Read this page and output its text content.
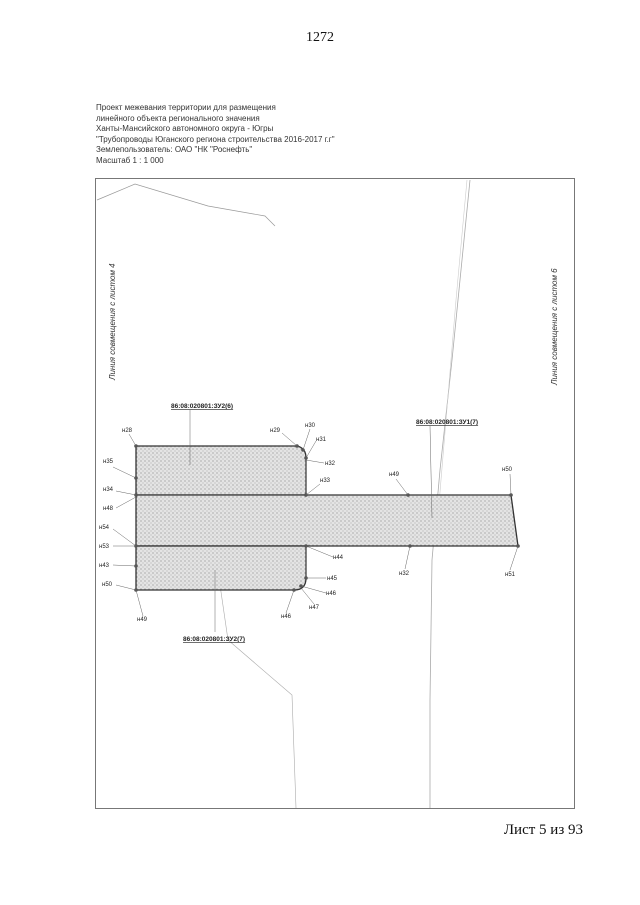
1272
Проект межевания территории для размещения
линейного объекта регионального значения
Ханты-Мансийского автономного округа - Югры
"Трубопроводы Юганского региона строительства 2016-2017 г.г"
Землепользователь: ОАО "НК "Роснефть"
Масштаб 1 : 1 000
н28	н29
н30
н31
н32
н33
н35
н34
н48
н49
н50
н54
н53
н44
н43
н32	н51
н45
н50
н46
н47
н46
н49
86:08:020801:ЗУ2(6)
86:08:020801:ЗУ1(7)
86:08:020801:ЗУ2(7)
Линия совмещения с листом 4	Линия совмещения с листом 6
Лист 5 из 93
